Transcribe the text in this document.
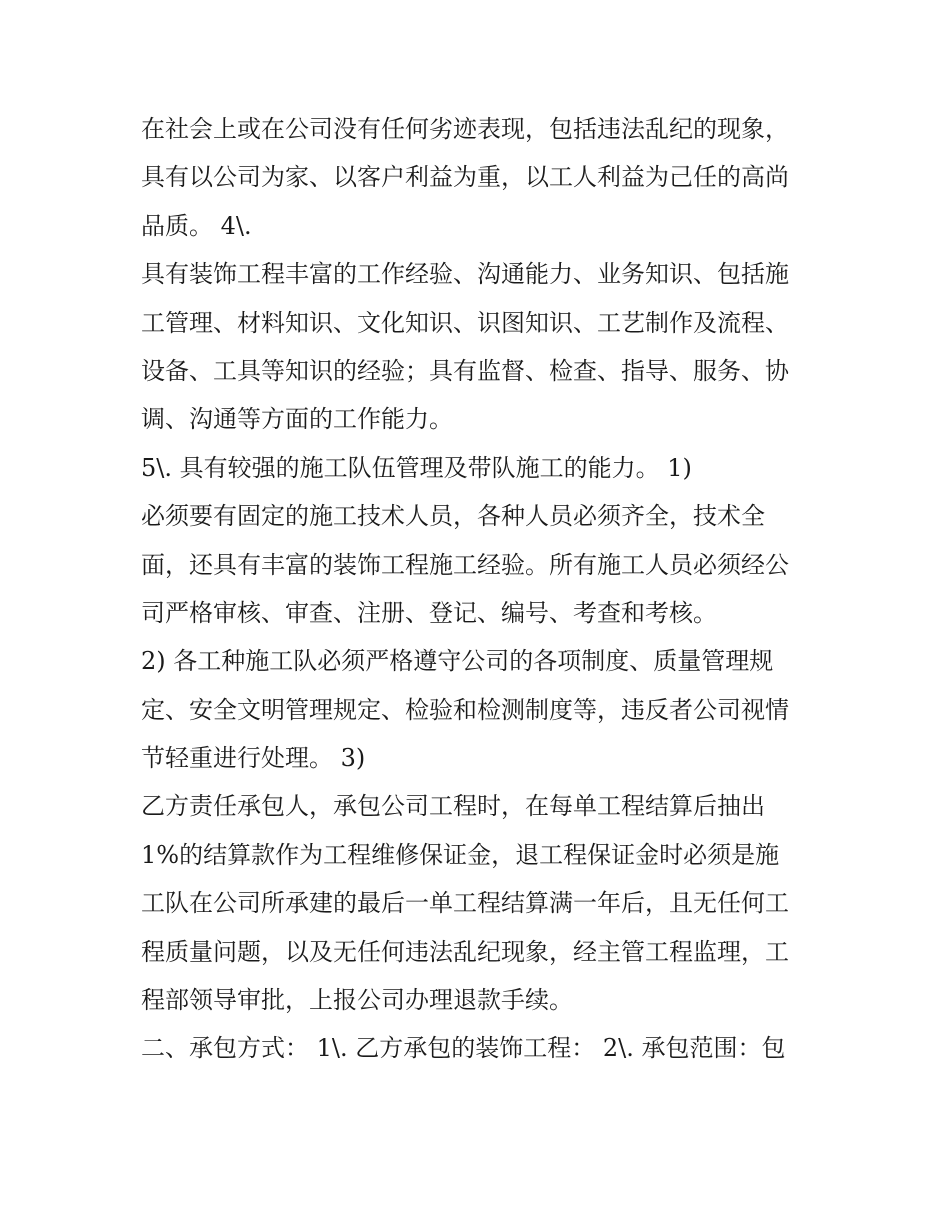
在社会上或在公司没有任何劣迹表现，包括违法乱纪的现象，
具有以公司为家、以客户利益为重，以工人利益为己任的高尚
品质。 4\.
具有装饰工程丰富的工作经验、沟通能力、业务知识、包括施
工管理、材料知识、文化知识、识图知识、工艺制作及流程、
设备、工具等知识的经验；具有监督、检查、指导、服务、协
调、沟通等方面的工作能力。
5\. 具有较强的施工队伍管理及带队施工的能力。 1)
必须要有固定的施工技术人员，各种人员必须齐全，技术全
面，还具有丰富的装饰工程施工经验。所有施工人员必须经公
司严格审核、审查、注册、登记、编号、考查和考核。
2) 各工种施工队必须严格遵守公司的各项制度、质量管理规
定、安全文明管理规定、检验和检测制度等，违反者公司视情
节轻重进行处理。 3)
乙方责任承包人，承包公司工程时，在每单工程结算后抽出
1%的结算款作为工程维修保证金，退工程保证金时必须是施
工队在公司所承建的最后一单工程结算满一年后，且无任何工
程质量问题，以及无任何违法乱纪现象，经主管工程监理，工
程部领导审批，上报公司办理退款手续。
二、承包方式： 1\. 乙方承包的装饰工程： 2\. 承包范围：包
